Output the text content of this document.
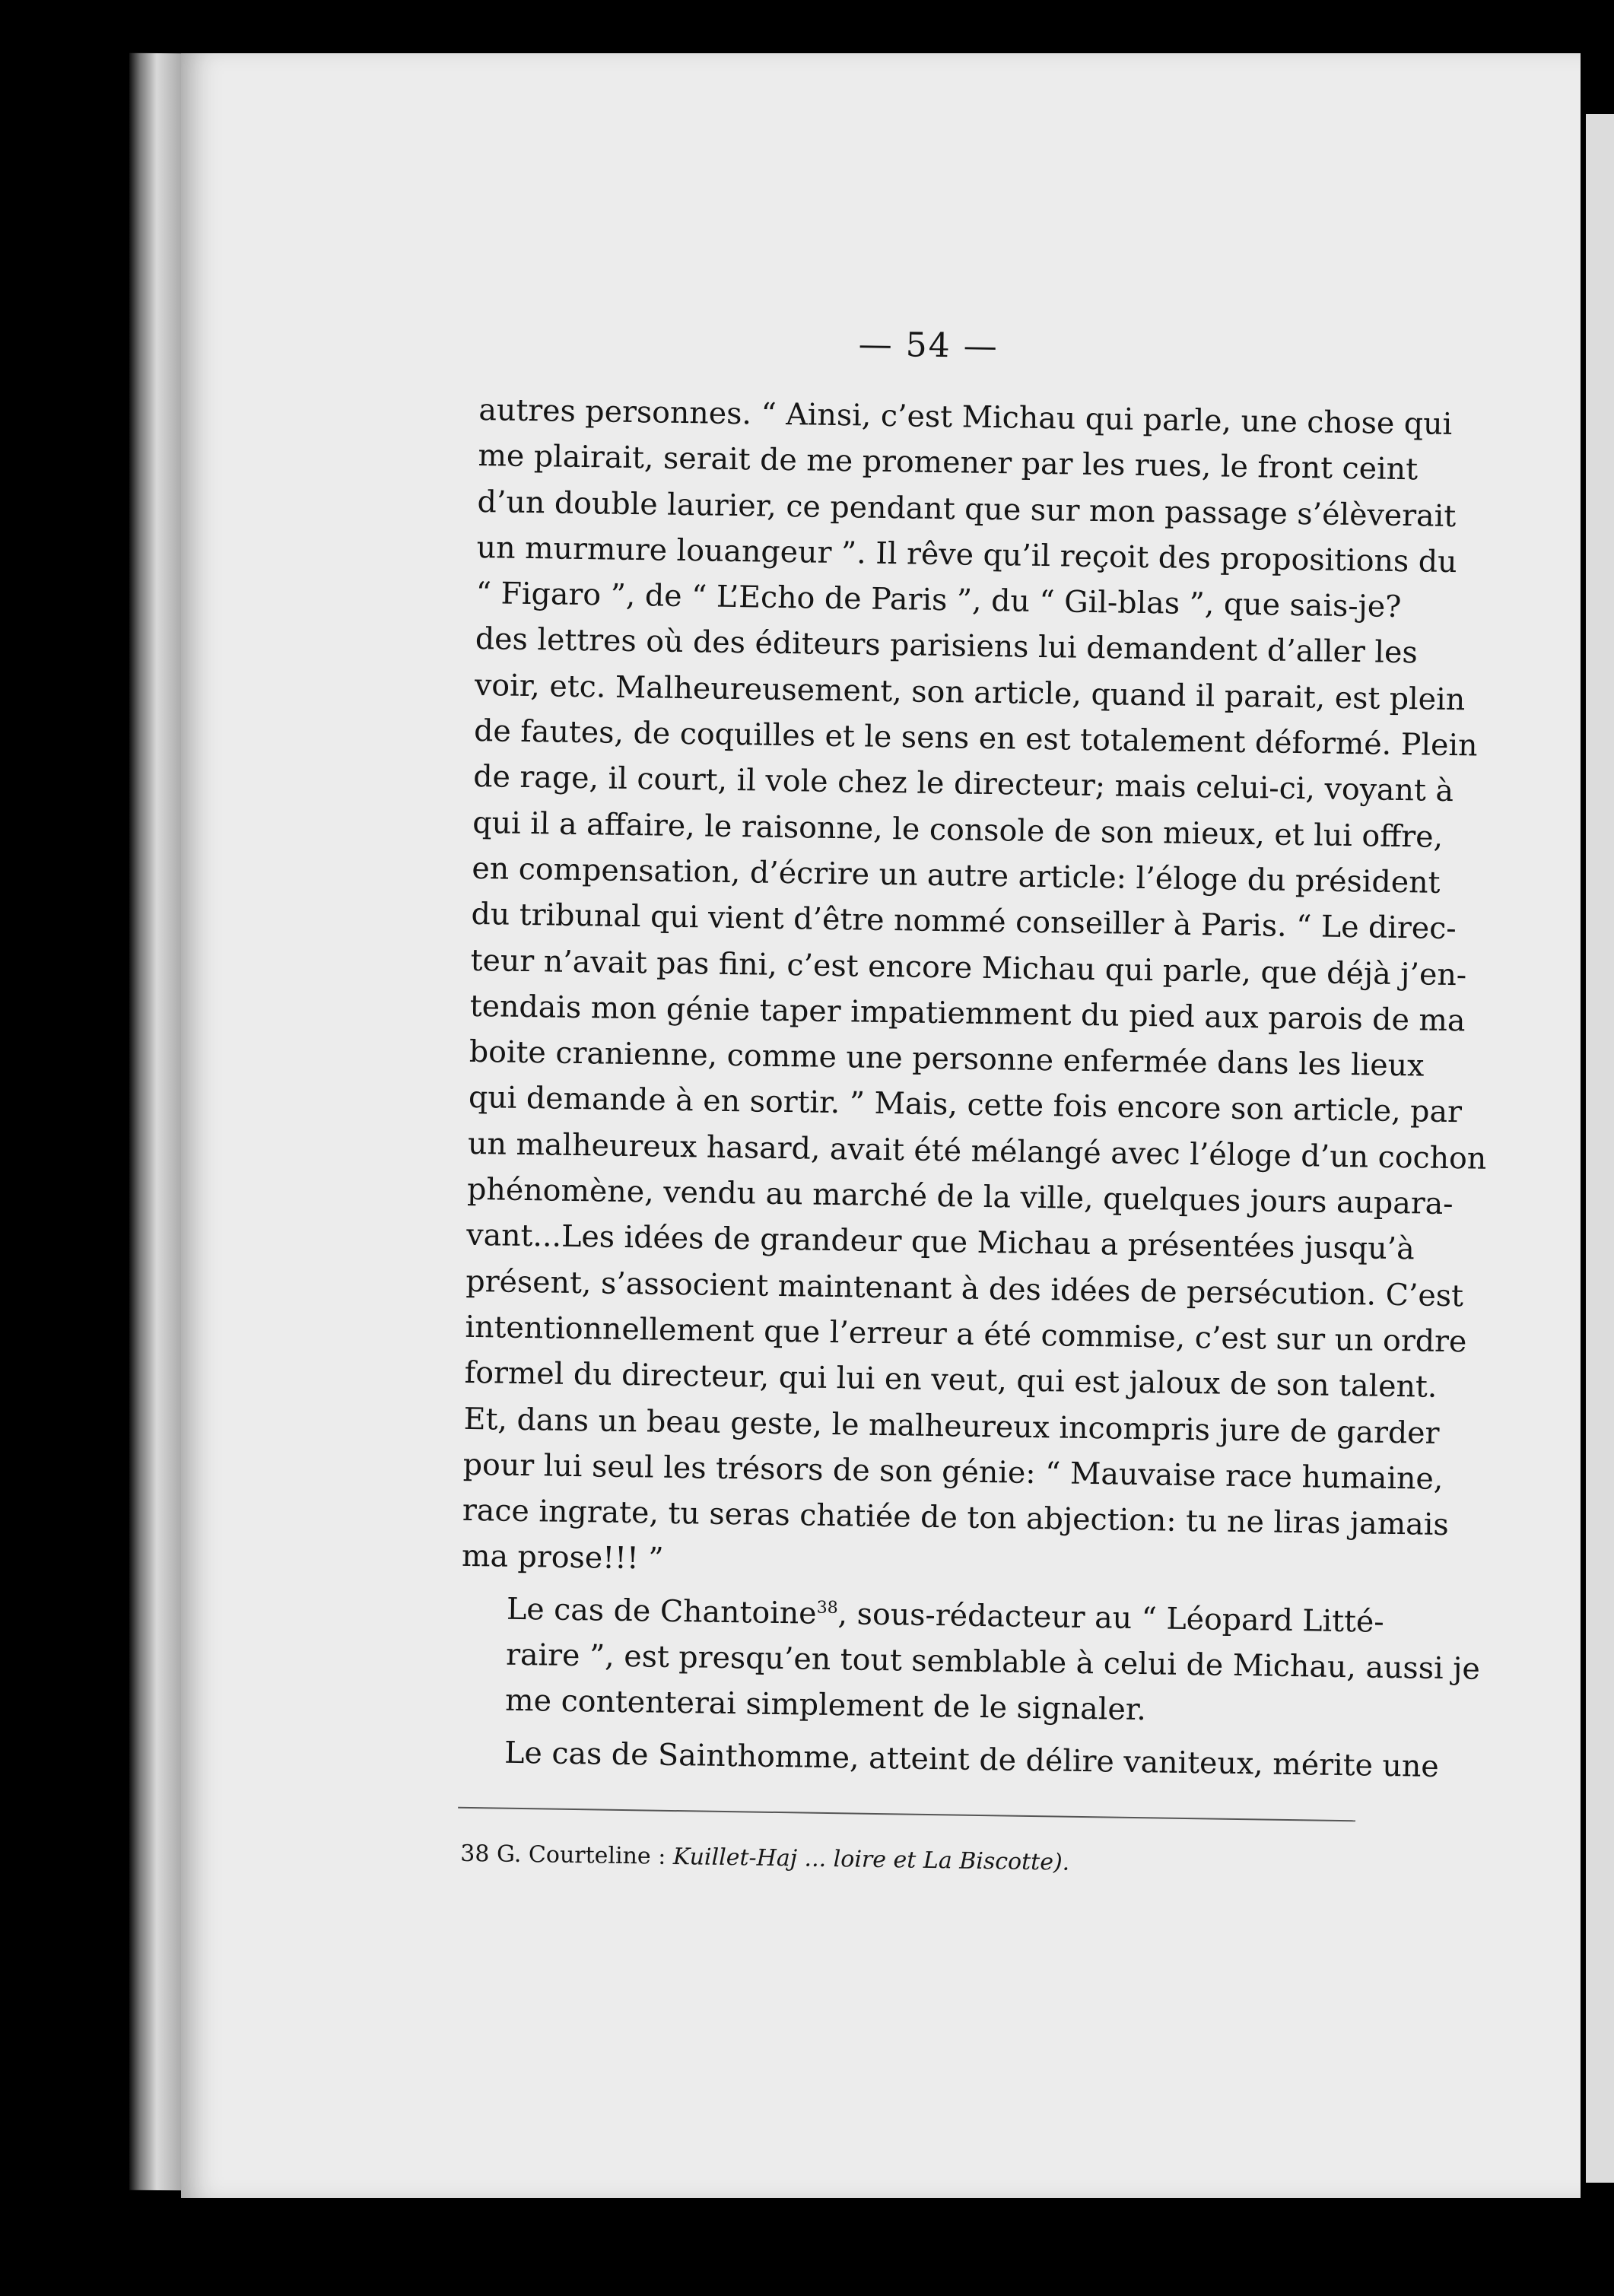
— 54 —

autres personnes. “ Ainsi, c’est Michau qui parle, une chose qui
me plairait, serait de me promener par les rues, le front ceint
d’un double laurier, ce pendant que sur mon passage s’élèverait
un murmure louangeur ”. Il rêve qu’il reçoit des propositions du
“ Figaro ”, de “ L’Echo de Paris ”, du “ Gil-blas ”, que sais-je?
des lettres où des éditeurs parisiens lui demandent d’aller les
voir, etc. Malheureusement, son article, quand il parait, est plein
de fautes, de coquilles et le sens en est totalement déformé. Plein
de rage, il court, il vole chez le directeur; mais celui-ci, voyant à
qui il a affaire, le raisonne, le console de son mieux, et lui offre,
en compensation, d’écrire un autre article: l’éloge du président
du tribunal qui vient d’être nommé conseiller à Paris. “ Le direc-
teur n’avait pas fini, c’est encore Michau qui parle, que déjà j’en-
tendais mon génie taper impatiemment du pied aux parois de ma
boite cranienne, comme une personne enfermée dans les lieux
qui demande à en sortir. ” Mais, cette fois encore son article, par
un malheureux hasard, avait été mélangé avec l’éloge d’un cochon
phénomène, vendu au marché de la ville, quelques jours aupara-
vant...Les idées de grandeur que Michau a présentées jusqu’à
présent, s’associent maintenant à des idées de persécution. C’est
intentionnellement que l’erreur a été commise, c’est sur un ordre
formel du directeur, qui lui en veut, qui est jaloux de son talent.
Et, dans un beau geste, le malheureux incompris jure de garder
pour lui seul les trésors de son génie: “ Mauvaise race humaine,
race ingrate, tu seras chatiée de ton abjection: tu ne liras jamais
ma prose!!! ”

Le cas de Chantoine$^{38}$, sous-rédacteur au “ Léopard Litté-
raire ”, est presqu’en tout semblable à celui de Michau, aussi je
me contenterai simplement de le signaler.

Le cas de Sainthomme, atteint de délire vaniteux, mérite une

38 G. Courteline : Kuillet-Haj ... loire et La Biscotte).
